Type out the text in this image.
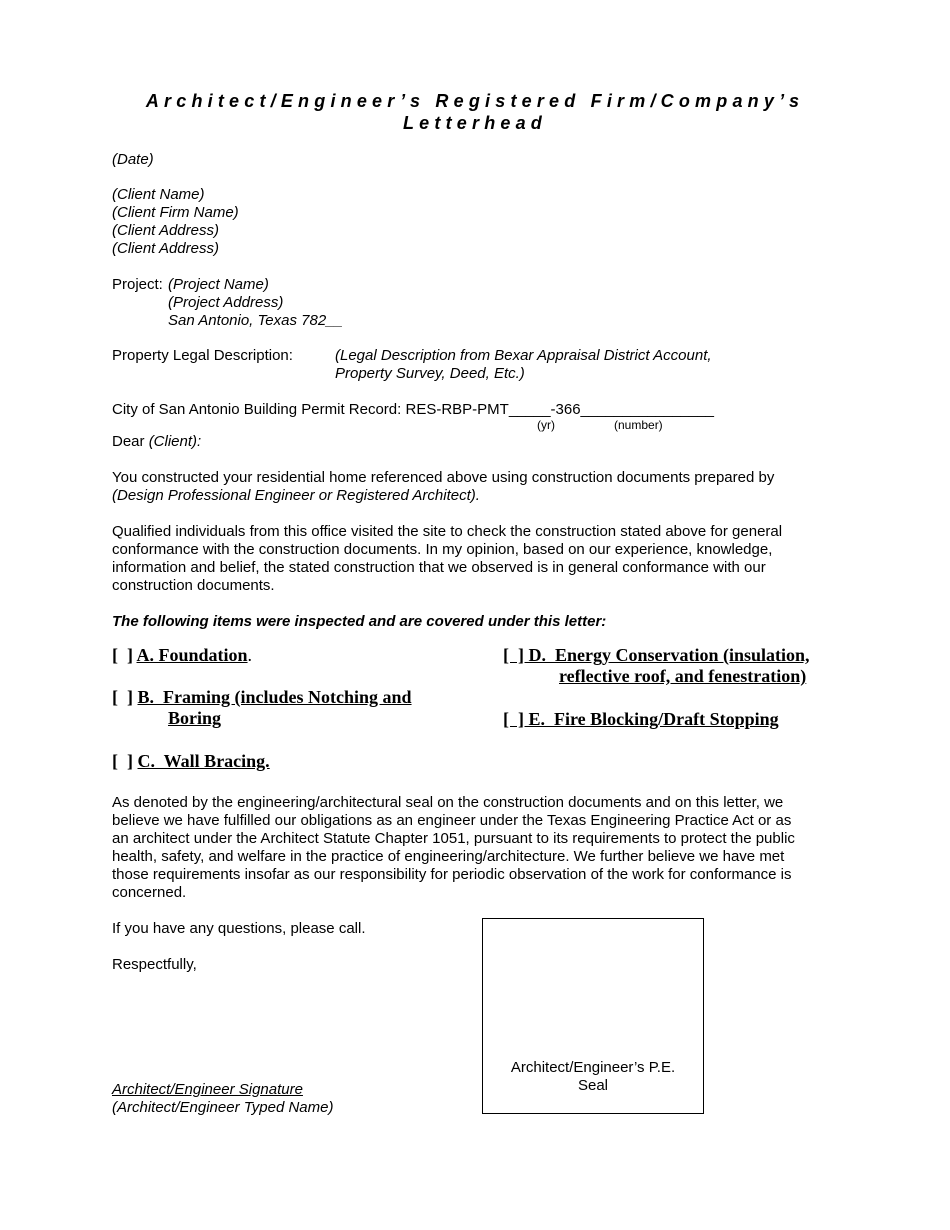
Architect/Engineer’s Registered Firm/Company’s
Letterhead
(Date)
(Client Name)
(Client Firm Name)
(Client Address)
(Client Address)
Project: (Project Name)
(Project Address)
San Antonio, Texas 782__
Property Legal Description:	(Legal Description from Bexar Appraisal District Account,
Property Survey, Deed, Etc.)
City of San Antonio Building Permit Record: RES-RBP-PMT_____-366________________
(yr)	(number)
Dear (Client):
You constructed your residential home referenced above using construction documents prepared by
(Design Professional Engineer or Registered Architect).
Qualified individuals from this office visited the site to check the construction stated above for general
conformance with the construction documents. In my opinion, based on our experience, knowledge,
information and belief, the stated construction that we observed is in general conformance with our
construction documents.
The following items were inspected and are covered under this letter:
[  ] A. Foundation.
[  ] B.  Framing (includes Notching and
Boring
[  ] C.  Wall Bracing.
[  ] D.  Energy Conservation (insulation,
reflective roof, and fenestration)
[  ] E.  Fire Blocking/Draft Stopping
As denoted by the engineering/architectural seal on the construction documents and on this letter, we
believe we have fulfilled our obligations as an engineer under the Texas Engineering Practice Act or as
an architect under the Architect Statute Chapter 1051, pursuant to its requirements to protect the public
health, safety, and welfare in the practice of engineering/architecture. We further believe we have met
those requirements insofar as our responsibility for periodic observation of the work for conformance is
concerned.
If you have any questions, please call.
Respectfully,
Architect/Engineer Signature
(Architect/Engineer Typed Name)
Architect/Engineer’s P.E.
Seal
